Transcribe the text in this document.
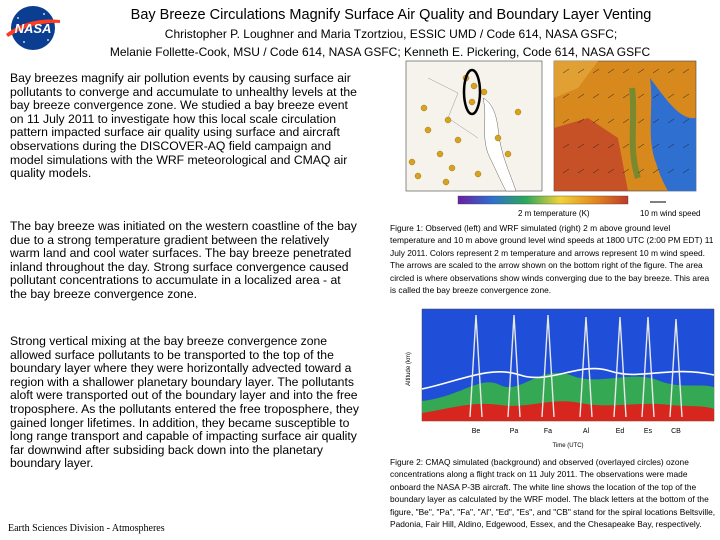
NASA
Bay Breeze Circulations Magnify Surface Air Quality and Boundary Layer Venting
Christopher P. Loughner and Maria Tzortziou, ESSIC UMD / Code 614, NASA GSFC;
Melanie Follette-Cook, MSU / Code 614, NASA GSFC; Kenneth E. Pickering, Code 614, NASA GSFC

Bay breezes magnify air pollution events by causing surface air pollutants to converge and accumulate to unhealthy levels at the bay breeze convergence zone. We studied a bay breeze event on 11 July 2011 to investigate how this local scale circulation pattern impacted surface air quality using surface and aircraft observations during the DISCOVER-AQ field campaign and model simulations with the WRF meteorological and CMAQ air quality models.

The bay breeze was initiated on the western coastline of the bay due to a strong temperature gradient between the relatively warm land and cool water surfaces. The bay breeze penetrated inland throughout the day. Strong surface convergence caused pollutant concentrations to accumulate in a localized area - at the bay breeze convergence zone.

Strong vertical mixing at the bay breeze convergence zone allowed surface pollutants to be transported to the top of the boundary layer where they were horizontally advected toward a region with a shallower planetary boundary layer. The pollutants aloft were transported out of the boundary layer and into the free troposphere. As the pollutants entered the free troposphere, they gained longer lifetimes. In addition, they became susceptible to long range transport and capable of impacting surface air quality far downwind after subsiding back down into the planetary boundary layer.

Earth Sciences Division - Atmospheres
2 m temperature (K)	10 m wind speed

Figure 1: Observed (left) and WRF simulated (right) 2 m above ground level temperature and 10 m above ground level wind speeds at 1800 UTC (2:00 PM EDT) 11 July 2011. Colors represent 2 m temperature and arrows represent 10 m wind speed. The arrows are scaled to the arrow shown on the bottom right of the figure. The area circled is where observations show winds converging due to the bay breeze. This area is called the bay breeze convergence zone.

Altitude (km)
Be	Pa	Fa	Al	Ed	Es	CB
Time (UTC)

Figure 2: CMAQ simulated (background) and observed (overlayed circles) ozone concentrations along a flight track on 11 July 2011. The observations were made onboard the NASA P-3B aircraft. The white line shows the location of the top of the boundary layer as calculated by the WRF model. The black letters at the bottom of the figure, "Be", "Pa", "Fa", "Al", "Ed", "Es", and "CB" stand for the spiral locations Beltsville, Padonia, Fair Hill, Aldino, Edgewood, Essex, and the Chesapeake Bay, respectively.
